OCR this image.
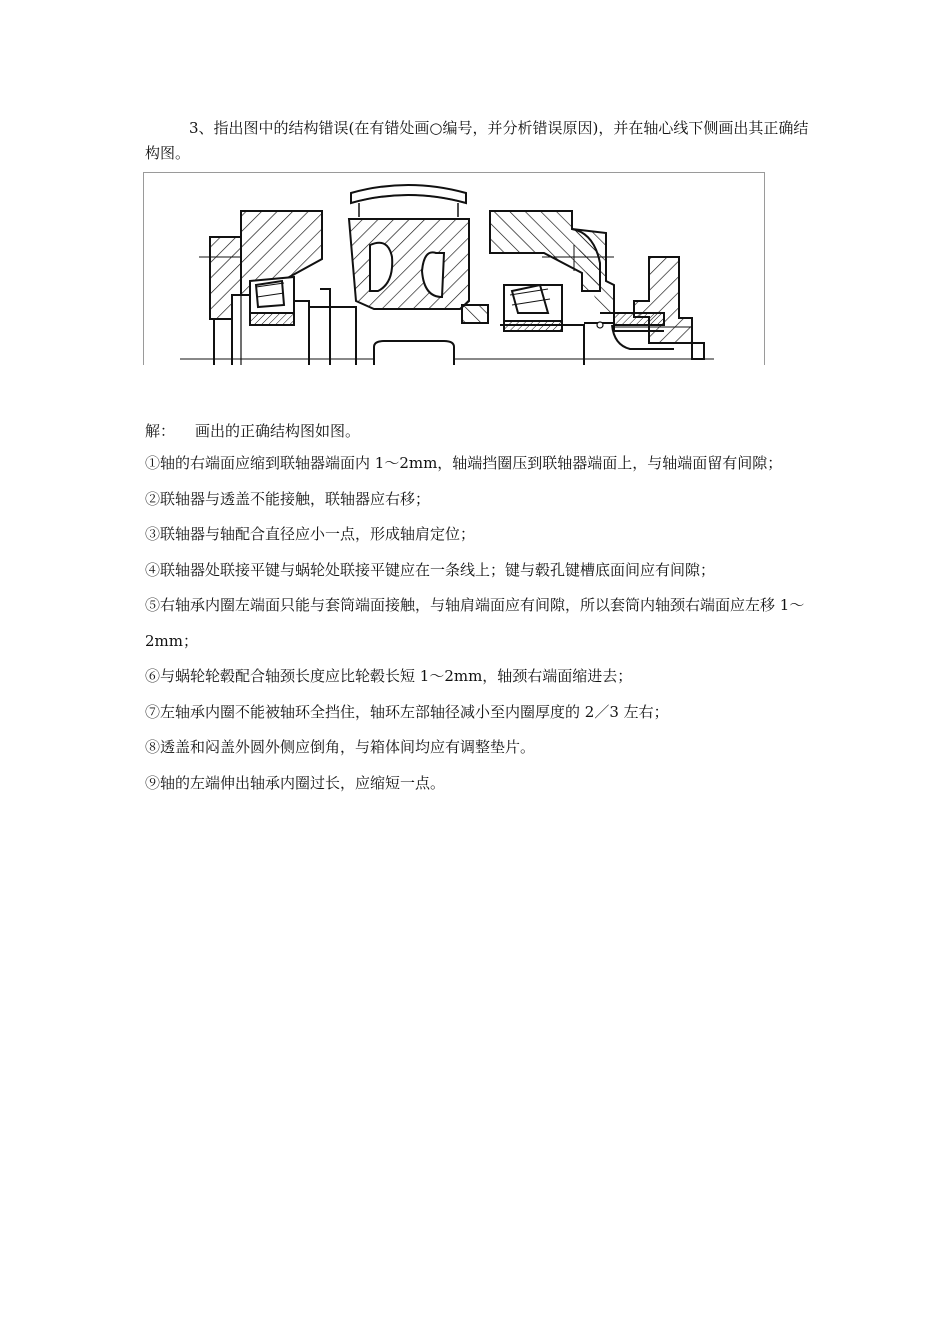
3、指出图中的结构错误(在有错处画○编号，并分析错误原因)，并在轴心线下侧画出其正确结构图。

解： 画出的正确结构图如图。

①轴的右端面应缩到联轴器端面内 1～2mm，轴端挡圈压到联轴器端面上，与轴端面留有间隙；
②联轴器与透盖不能接触，联轴器应右移；
③联轴器与轴配合直径应小一点，形成轴肩定位；
④联轴器处联接平键与蜗轮处联接平键应在一条线上；键与毂孔键槽底面间应有间隙；
⑤右轴承内圈左端面只能与套筒端面接触，与轴肩端面应有间隙，所以套筒内轴颈右端面应左移 1～2mm；
⑥与蜗轮轮毂配合轴颈长度应比轮毂长短 1～2mm，轴颈右端面缩进去；
⑦左轴承内圈不能被轴环全挡住，轴环左部轴径减小至内圈厚度的 2／3 左右；
⑧透盖和闷盖外圆外侧应倒角，与箱体间均应有调整垫片。
⑨轴的左端伸出轴承内圈过长，应缩短一点。
